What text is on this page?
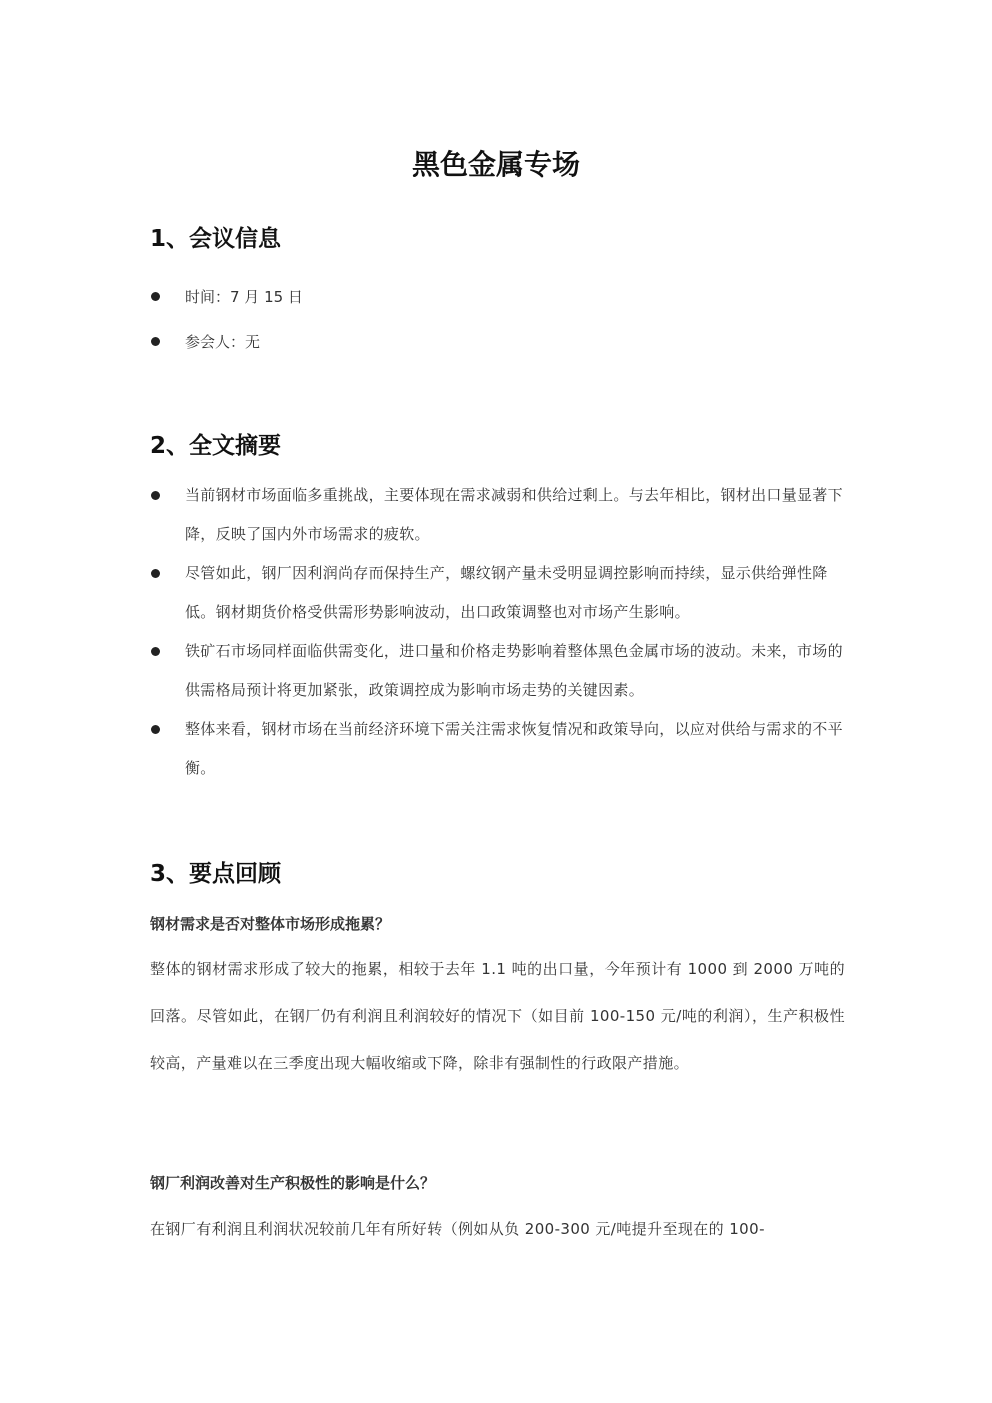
黑色金属专场
1、会议信息
时间：7 月 15 日
参会人：无
2、全文摘要
当前钢材市场面临多重挑战，主要体现在需求减弱和供给过剩上。与去年相比，钢材出口量显著下降，反映了国内外市场需求的疲软。
尽管如此，钢厂因利润尚存而保持生产，螺纹钢产量未受明显调控影响而持续，显示供给弹性降低。钢材期货价格受供需形势影响波动，出口政策调整也对市场产生影响。
铁矿石市场同样面临供需变化，进口量和价格走势影响着整体黑色金属市场的波动。未来，市场的供需格局预计将更加紧张，政策调控成为影响市场走势的关键因素。
整体来看，钢材市场在当前经济环境下需关注需求恢复情况和政策导向，以应对供给与需求的不平衡。
3、要点回顾
钢材需求是否对整体市场形成拖累？

整体的钢材需求形成了较大的拖累，相较于去年 1.1 吨的出口量，今年预计有 1000 到 2000 万吨的回落。尽管如此，在钢厂仍有利润且利润较好的情况下（如目前 100-150 元/吨的利润），生产积极性较高，产量难以在三季度出现大幅收缩或下降，除非有强制性的行政限产措施。

钢厂利润改善对生产积极性的影响是什么？

在钢厂有利润且利润状况较前几年有所好转（例如从负 200-300 元/吨提升至现在的 100-
